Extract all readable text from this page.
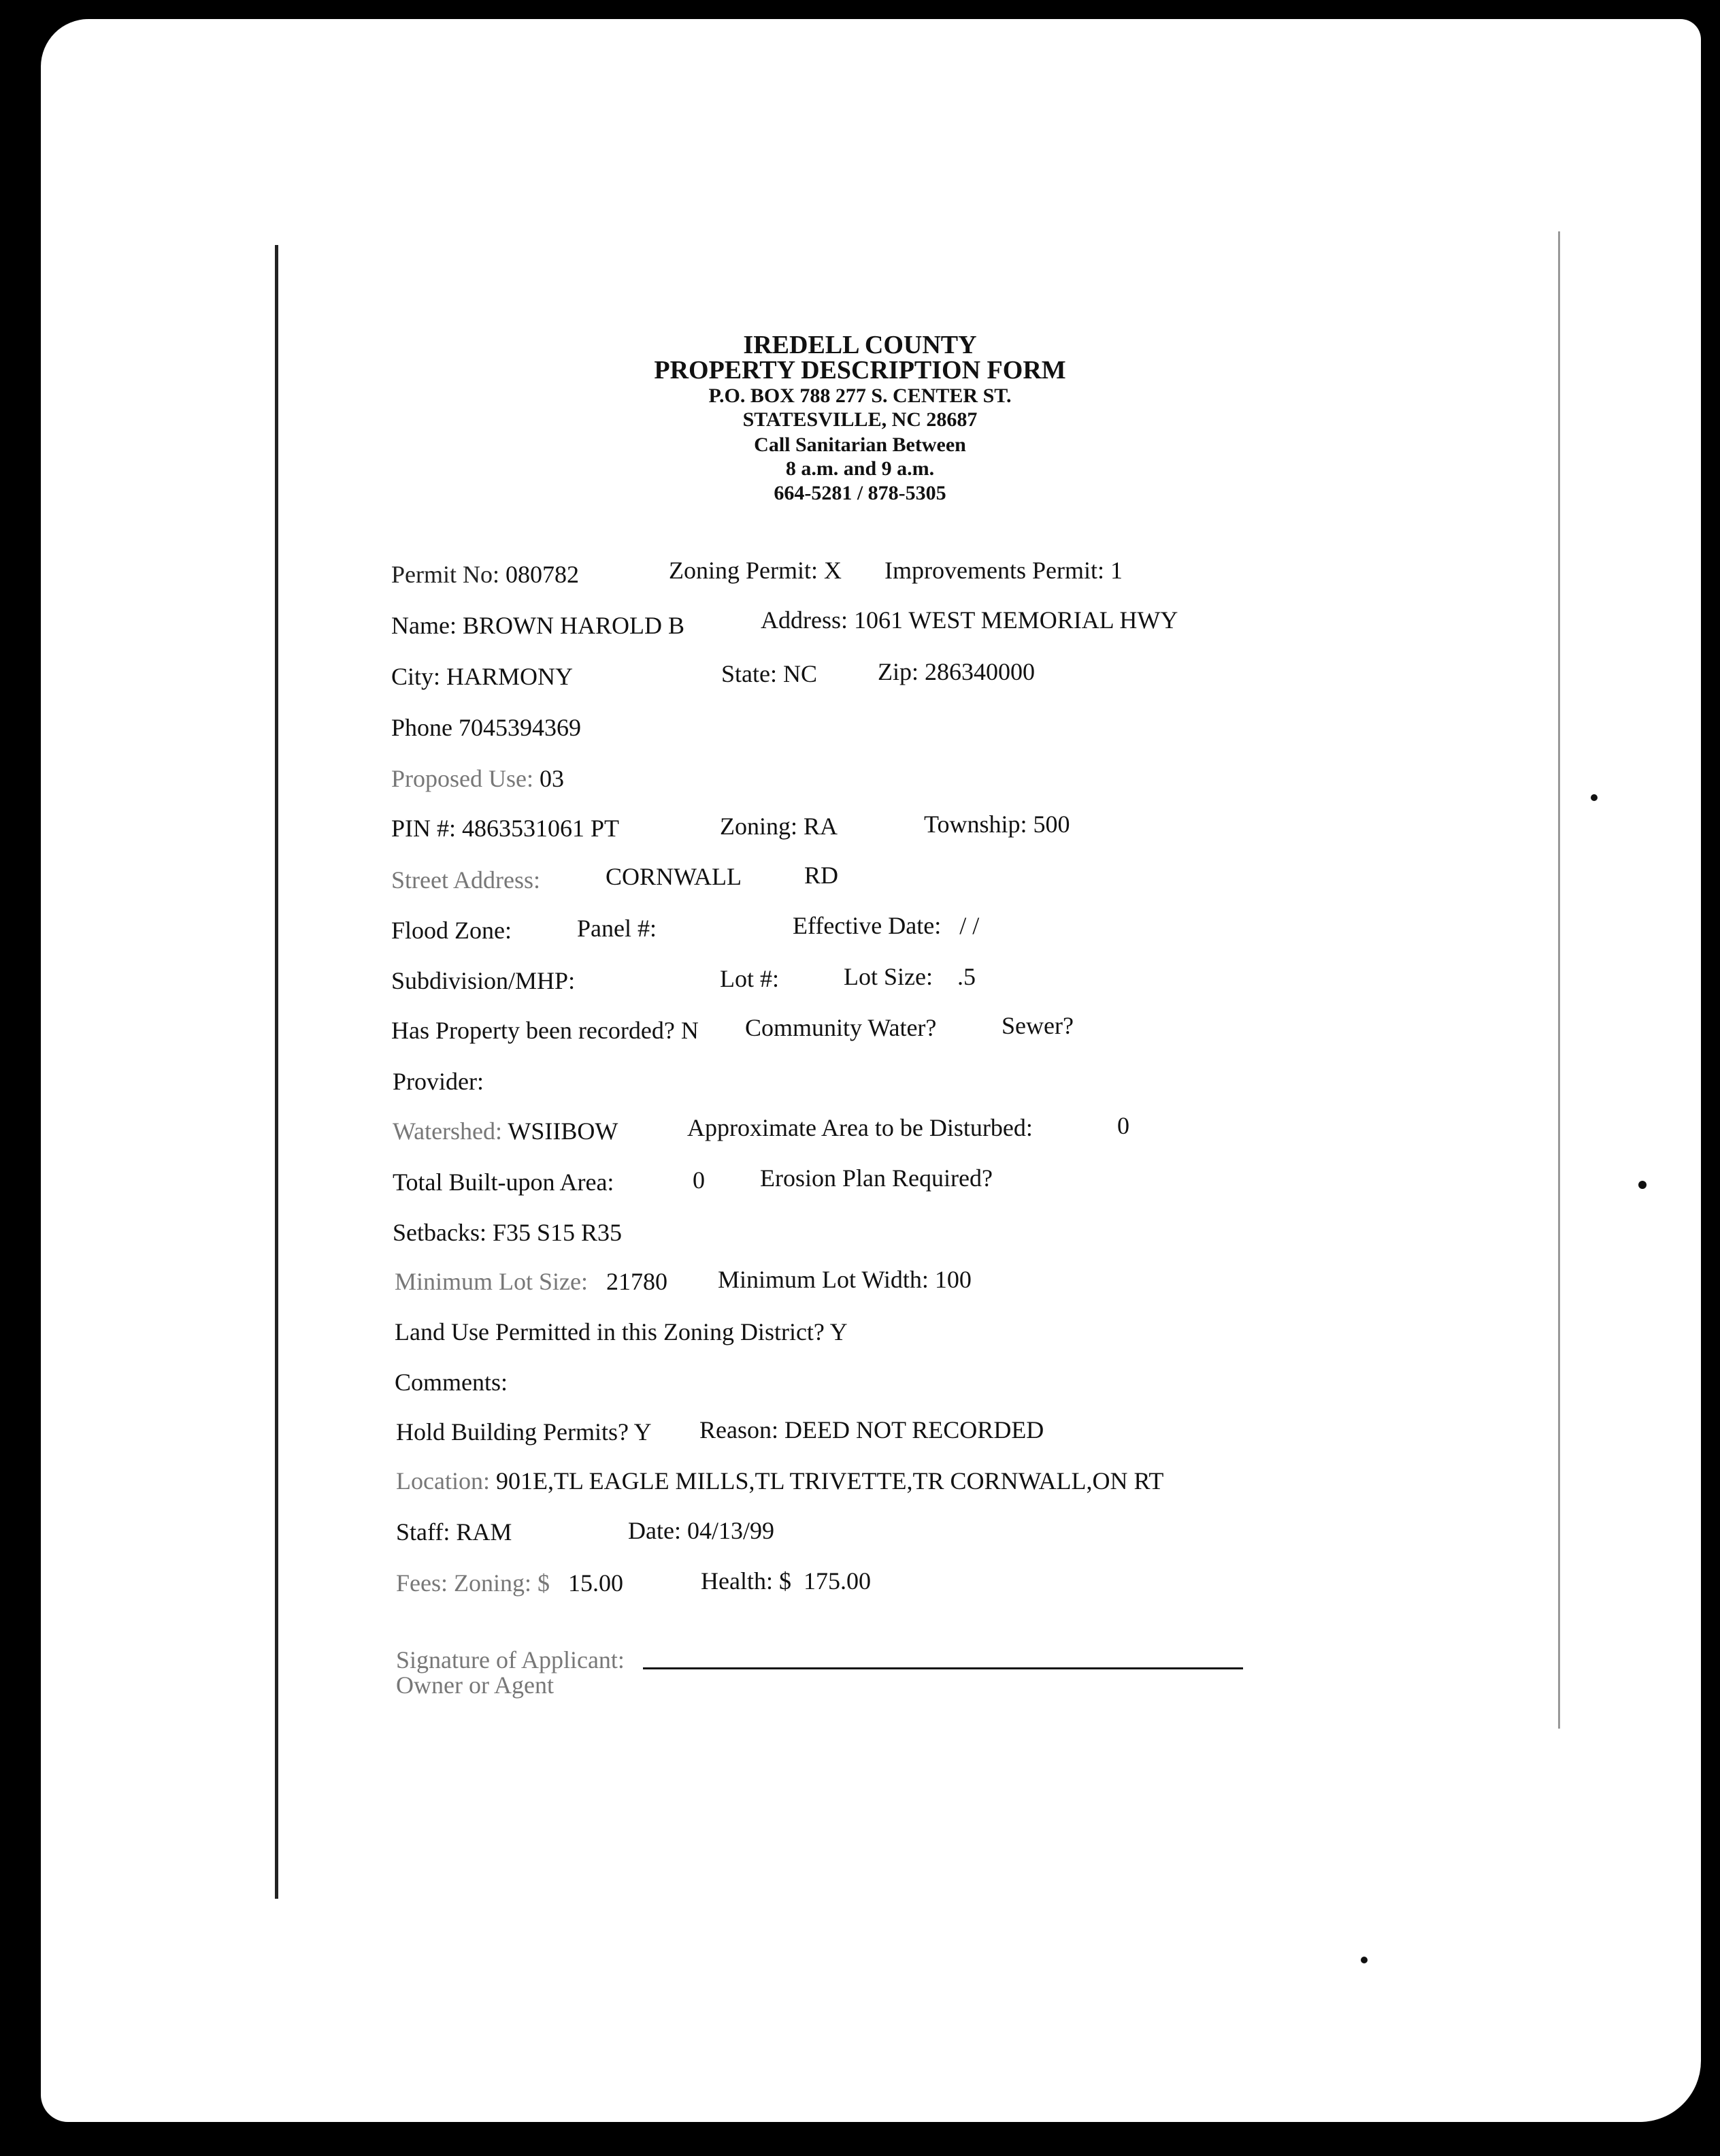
IREDELL COUNTY
PROPERTY DESCRIPTION FORM
P.O. BOX 788 277 S. CENTER ST.
STATESVILLE, NC 28687
Call Sanitarian Between
8 a.m. and 9 a.m.
664-5281 / 878-5305
Permit No: 080782	Zoning Permit: X Improvements Permit: 1
Name: BROWN HAROLD B	Address: 1061 WEST MEMORIAL HWY
City: HARMONY	State: NC Zip: 286340000
Phone 7045394369
Proposed Use: 03
PIN #: 4863531061 PT	Zoning: RA	Township: 500
Street Address:	CORNWALL	RD
Flood Zone:	Panel #:	Effective Date: / /
Subdivision/MHP:	Lot #:	Lot Size: .5
Has Property been recorded? N Community Water?	Sewer?
Provider:
Watershed: WSIIBOW	Approximate Area to be Disturbed:	0
Total Built-upon Area:	0 Erosion Plan Required?
Setbacks: F35 S15 R35
Minimum Lot Size: 21780 Minimum Lot Width: 100
Land Use Permitted in this Zoning District? Y
Comments:
Hold Building Permits? Y Reason: DEED NOT RECORDED
Location: 901E,TL EAGLE MILLS,TL TRIVETTE,TR CORNWALL,ON RT
Staff: RAM	Date: 04/13/99
Fees: Zoning: $ 15.00	Health: $ 175.00
Signature of Applicant:
Owner or Agent
